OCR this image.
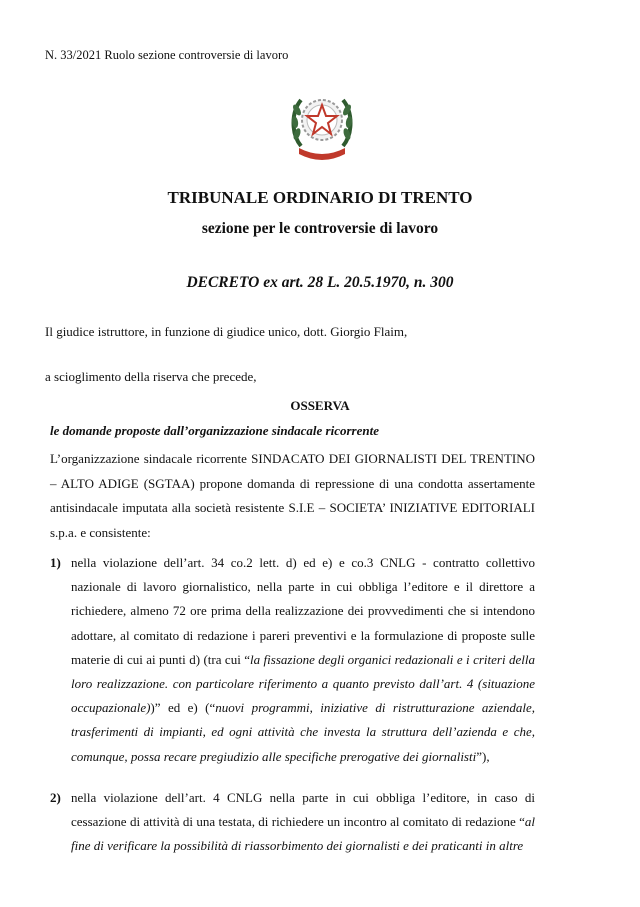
N. 33/2021 Ruolo sezione controversie di lavoro

TRIBUNALE ORDINARIO DI TRENTO

sezione per le controversie di lavoro

DECRETO ex art. 28 L. 20.5.1970, n. 300

Il giudice istruttore, in funzione di giudice unico, dott. Giorgio Flaim,

a scioglimento della riserva che precede,

OSSERVA

le domande proposte dall’organizzazione sindacale ricorrente

L’organizzazione sindacale ricorrente SINDACATO DEI GIORNALISTI DEL TRENTINO – ALTO ADIGE (SGTAA) propone domanda di repressione di una condotta assertamente antisindacale imputata alla società resistente S.I.E – SOCIETA’ INIZIATIVE EDITORIALI s.p.a. e consistente:

1) nella violazione dell’art. 34 co.2 lett. d) ed e) e co.3 CNLG - contratto collettivo nazionale di lavoro giornalistico, nella parte in cui obbliga l’editore e il direttore a richiedere, almeno 72 ore prima della realizzazione dei provvedimenti che si intendono adottare, al comitato di redazione i pareri preventivi e la formulazione di proposte sulle materie di cui ai punti d) (tra cui “la fissazione degli organici redazionali e i criteri della loro realizzazione. con particolare riferimento a quanto previsto dall’art. 4 (situazione occupazionale))” ed e) (“nuovi programmi, iniziative di ristrutturazione aziendale, trasferimenti di impianti, ed ogni attività che investa la struttura dell’azienda e che, comunque, possa recare pregiudizio alle specifiche prerogative dei giornalisti”),
2) nella violazione dell’art. 4 CNLG nella parte in cui obbliga l’editore, in caso di cessazione di attività di una testata, di richiedere un incontro al comitato di redazione “al fine di verificare la possibilità di riassorbimento dei giornalisti e dei praticanti in altre
